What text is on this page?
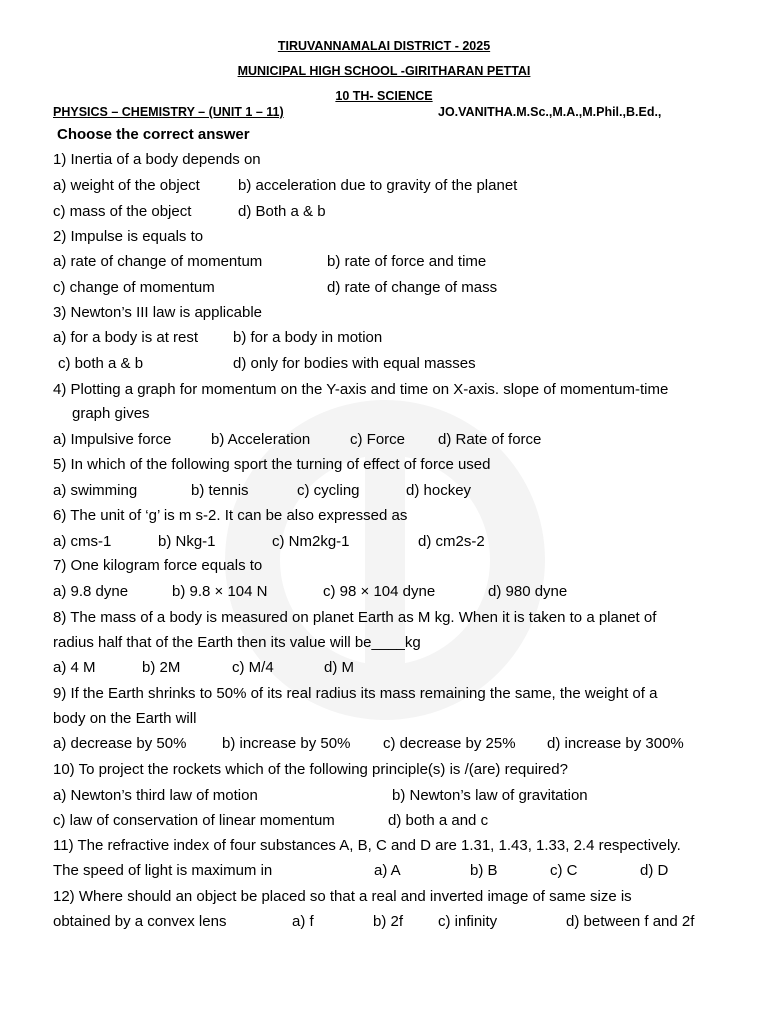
TIRUVANNAMALAI DISTRICT - 2025
MUNICIPAL HIGH SCHOOL -GIRITHARAN PETTAI
10 TH- SCIENCE
PHYSICS – CHEMISTRY – (UNIT 1 – 11)	JO.VANITHA.M.Sc.,M.A.,M.Phil.,B.Ed.,
Choose the correct answer
1) Inertia of a body depends on
a) weight of the object	b) acceleration due to gravity of the planet
c) mass of the object	d) Both a & b
2) Impulse is equals to
a) rate of change of momentum	b) rate of force and time
c) change of momentum	d) rate of change of mass
3) Newton’s III law is applicable
a) for a body is at rest b) for a body in motion
c) both a & b	d) only for bodies with equal masses
4) Plotting a graph for momentum on the Y-axis and time on X-axis. slope of momentum-time
graph gives
a) Impulsive force	b) Acceleration	c) Force d) Rate of force
5) In which of the following sport the turning of effect of force used
a) swimming	b) tennis	c) cycling	d) hockey
6) The unit of ‘g’ is m s-2. It can be also expressed as
a) cms-1	b) Nkg-1	c) Nm2kg-1	d) cm2s-2
7) One kilogram force equals to
a) 9.8 dyne	b) 9.8 × 104 N	c) 98 × 104 dyne	d) 980 dyne
8) The mass of a body is measured on planet Earth as M kg. When it is taken to a planet of
radius half that of the Earth then its value will be____kg
a) 4 M	b) 2M	c) M/4	d) M
9) If the Earth shrinks to 50% of its real radius its mass remaining the same, the weight of a
body on the Earth will
a) decrease by 50% b) increase by 50% c) decrease by 25% d) increase by 300%
10) To project the rockets which of the following principle(s) is /(are) required?
a) Newton’s third law of motion	b) Newton’s law of gravitation
c) law of conservation of linear momentum	d) both a and c
11) The refractive index of four substances A, B, C and D are 1.31, 1.43, 1.33, 2.4 respectively.
The speed of light is maximum in	a) A	b) B	c) C	d) D
12) Where should an object be placed so that a real and inverted image of same size is
obtained by a convex lens	a) f	b) 2f c) infinity	d) between f and 2f
